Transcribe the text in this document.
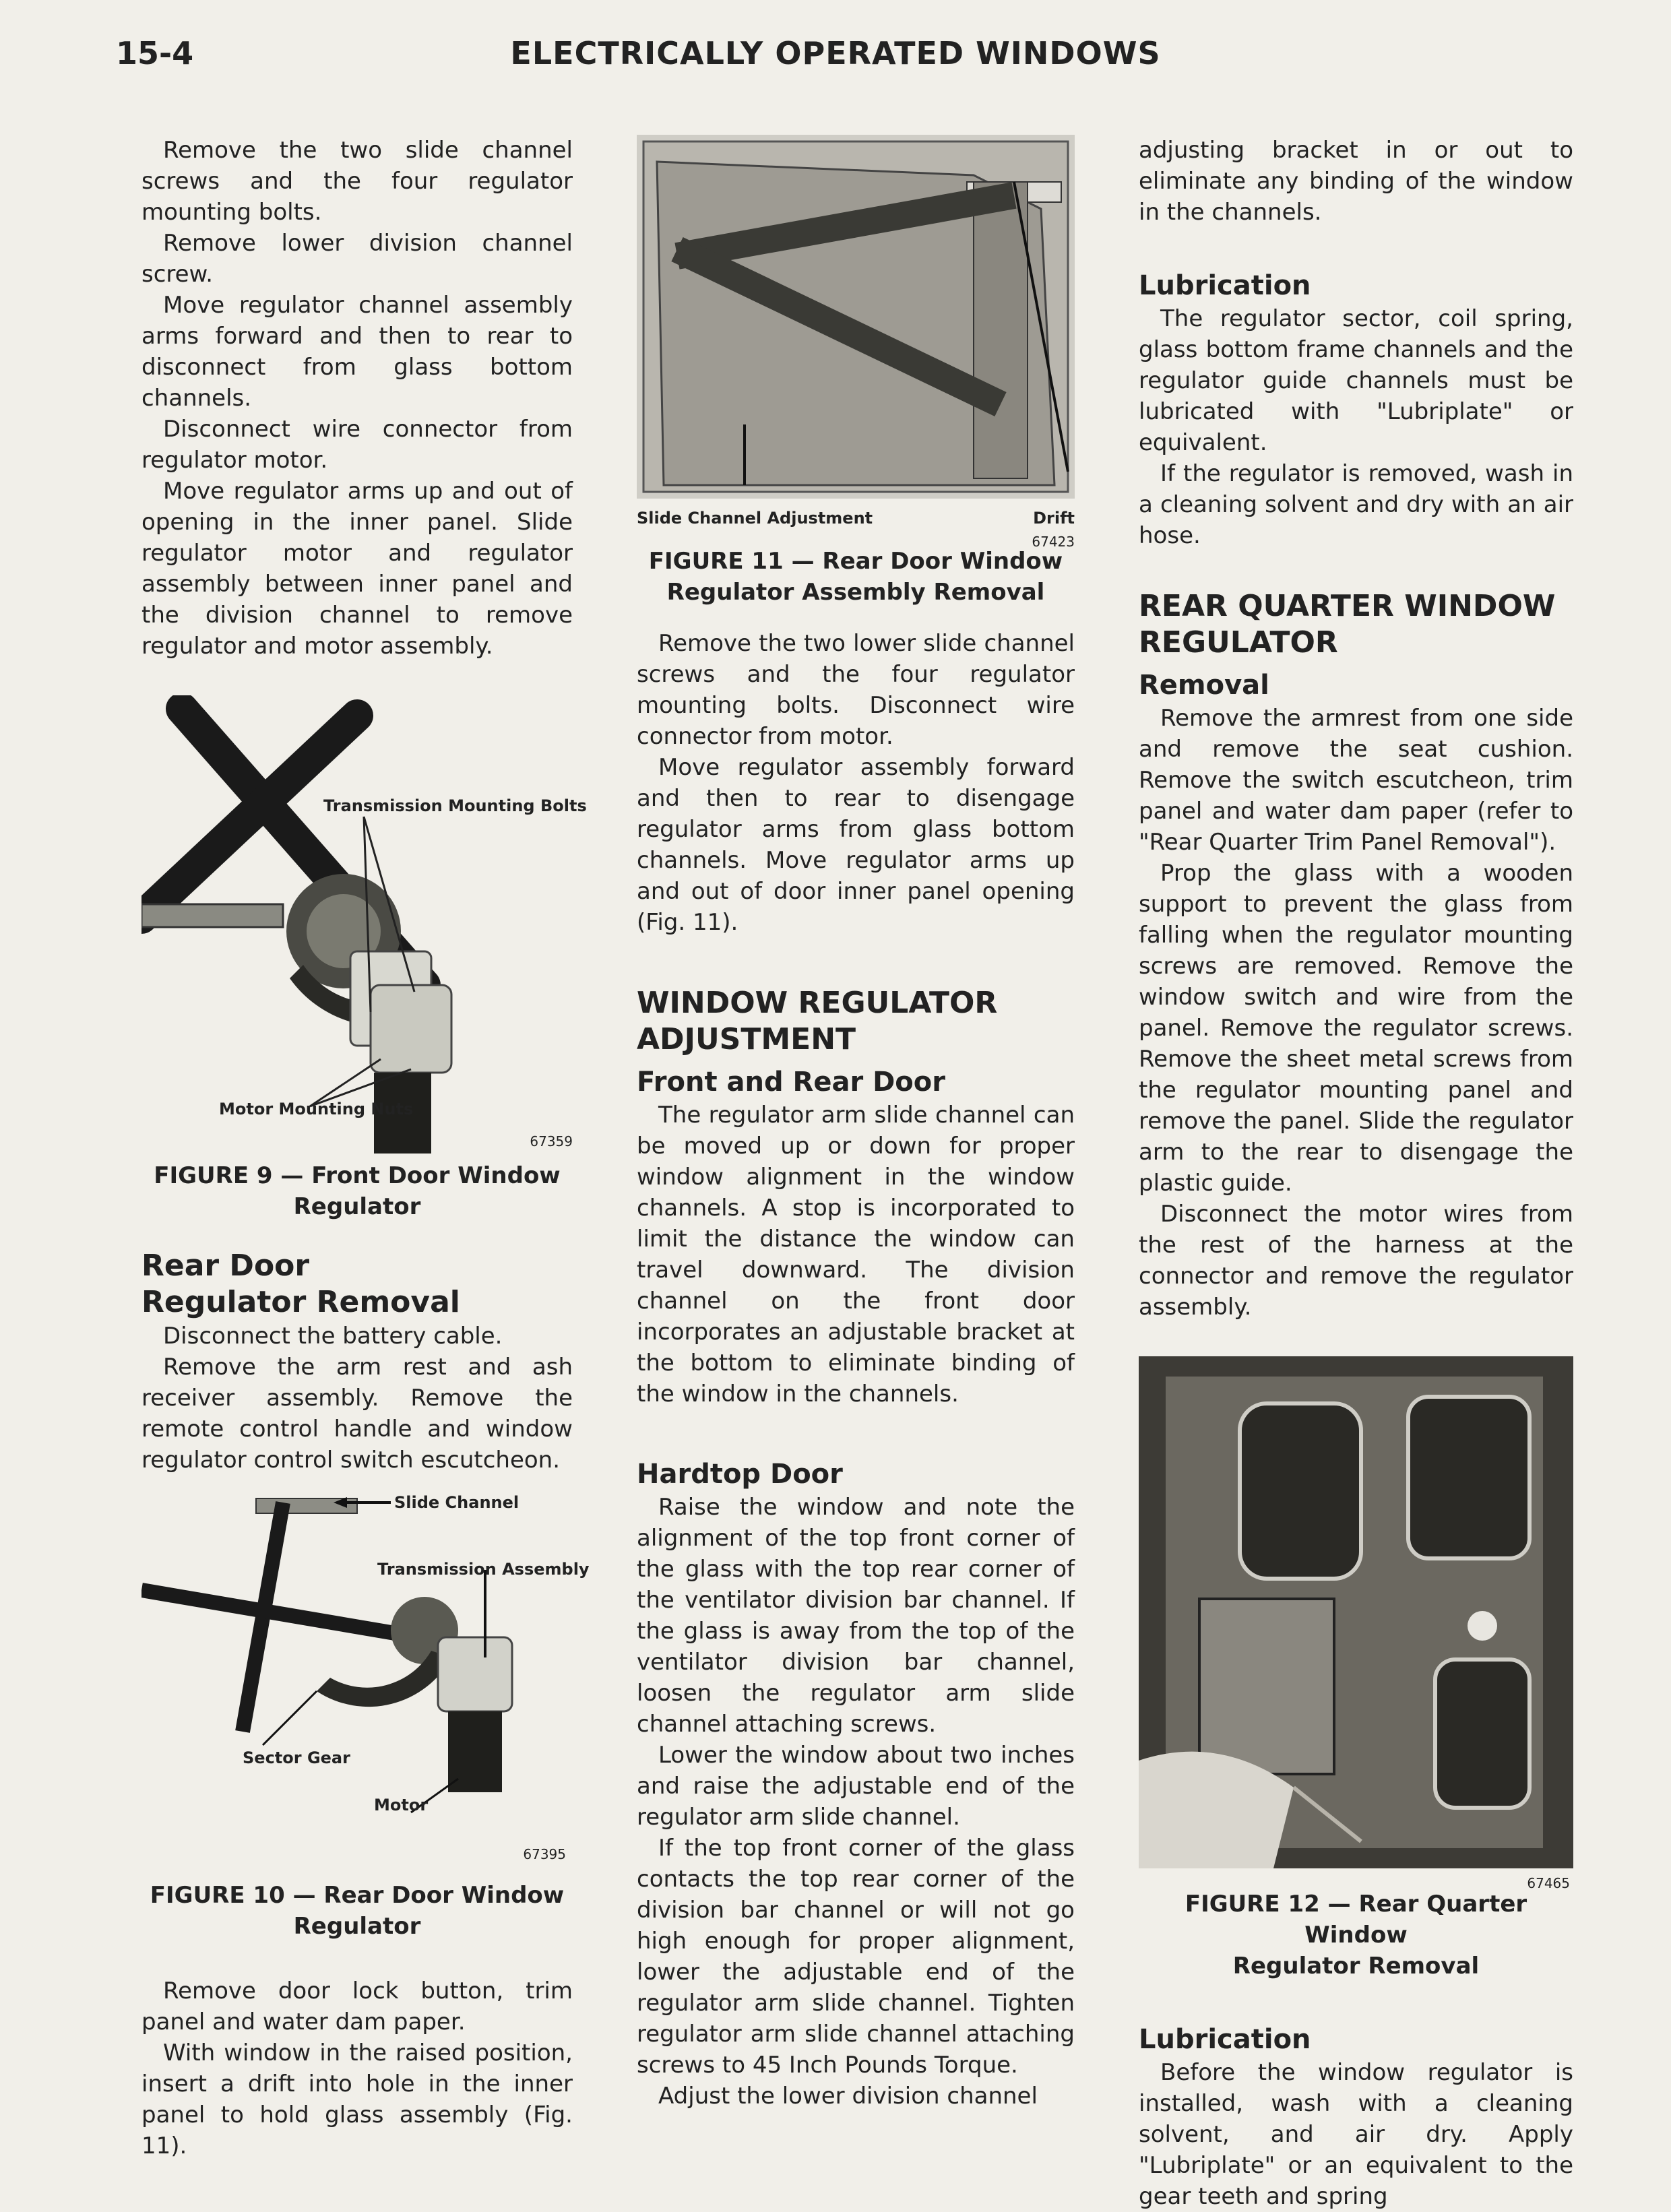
15-4	ELECTRICALLY OPERATED WINDOWS

Remove the two slide channel screws and the four regulator mounting bolts.

Remove lower division channel screw.

Move regulator channel assembly arms forward and then to rear to disconnect from glass bottom channels.

Disconnect wire connector from regulator motor.

Move regulator arms up and out of opening in the inner panel. Slide regulator motor and regulator assembly between inner panel and the division channel to remove regulator and motor assembly.

Transmission Mounting Bolts
Motor Mounting Nuts
67359
FIGURE 9 — Front Door Window
Regulator
Rear Door
Regulator Removal

Disconnect the battery cable.

Remove the arm rest and ash receiver assembly. Remove the remote control handle and window regulator control switch escutcheon.

Slide Channel
Transmission Assembly
Sector Gear
Motor
67395
FIGURE 10 — Rear Door Window
Regulator

Remove door lock button, trim panel and water dam paper.

With window in the raised position, insert a drift into hole in the inner panel to hold glass assembly (Fig. 11).

Slide Channel Adjustment	Drift
67423
FIGURE 11 — Rear Door Window
Regulator Assembly Removal

Remove the two lower slide channel screws and the four regulator mounting bolts. Disconnect wire connector from motor.

Move regulator assembly forward and then to rear to disengage regulator arms from glass bottom channels. Move regulator arms up and out of door inner panel opening (Fig. 11).

WINDOW REGULATOR
ADJUSTMENT
Front and Rear Door

The regulator arm slide channel can be moved up or down for proper window alignment in the window channels. A stop is incorporated to limit the distance the window can travel downward. The division channel on the front door incorporates an adjustable bracket at the bottom to eliminate binding of the window in the channels.

Hardtop Door

Raise the window and note the alignment of the top front corner of the glass with the top rear corner of the ventilator division bar channel. If the glass is away from the top of the ventilator division bar channel, loosen the regulator arm slide channel attaching screws.

Lower the window about two inches and raise the adjustable end of the regulator arm slide channel.

If the top front corner of the glass contacts the top rear corner of the division bar channel or will not go high enough for proper alignment, lower the adjustable end of the regulator arm slide channel. Tighten regulator arm slide channel attaching screws to 45 Inch Pounds Torque.

Adjust the lower division channel

adjusting bracket in or out to eliminate any binding of the window in the channels.

Lubrication

The regulator sector, coil spring, glass bottom frame channels and the regulator guide channels must be lubricated with "Lubriplate" or equivalent.

If the regulator is removed, wash in a cleaning solvent and dry with an air hose.

REAR QUARTER WINDOW
REGULATOR
Removal

Remove the armrest from one side and remove the seat cushion. Remove the switch escutcheon, trim panel and water dam paper (refer to "Rear Quarter Trim Panel Removal").

Prop the glass with a wooden support to prevent the glass from falling when the regulator mounting screws are removed. Remove the window switch and wire from the panel. Remove the regulator screws. Remove the sheet metal screws from the regulator mounting panel and remove the panel. Slide the regulator arm to the rear to disengage the plastic guide.

Disconnect the motor wires from the rest of the harness at the connector and remove the regulator assembly.

67465
FIGURE 12 — Rear Quarter Window
Regulator Removal
Lubrication

Before the window regulator is installed, wash with a cleaning solvent, and air dry. Apply "Lubriplate" or an equivalent to the gear teeth and spring
